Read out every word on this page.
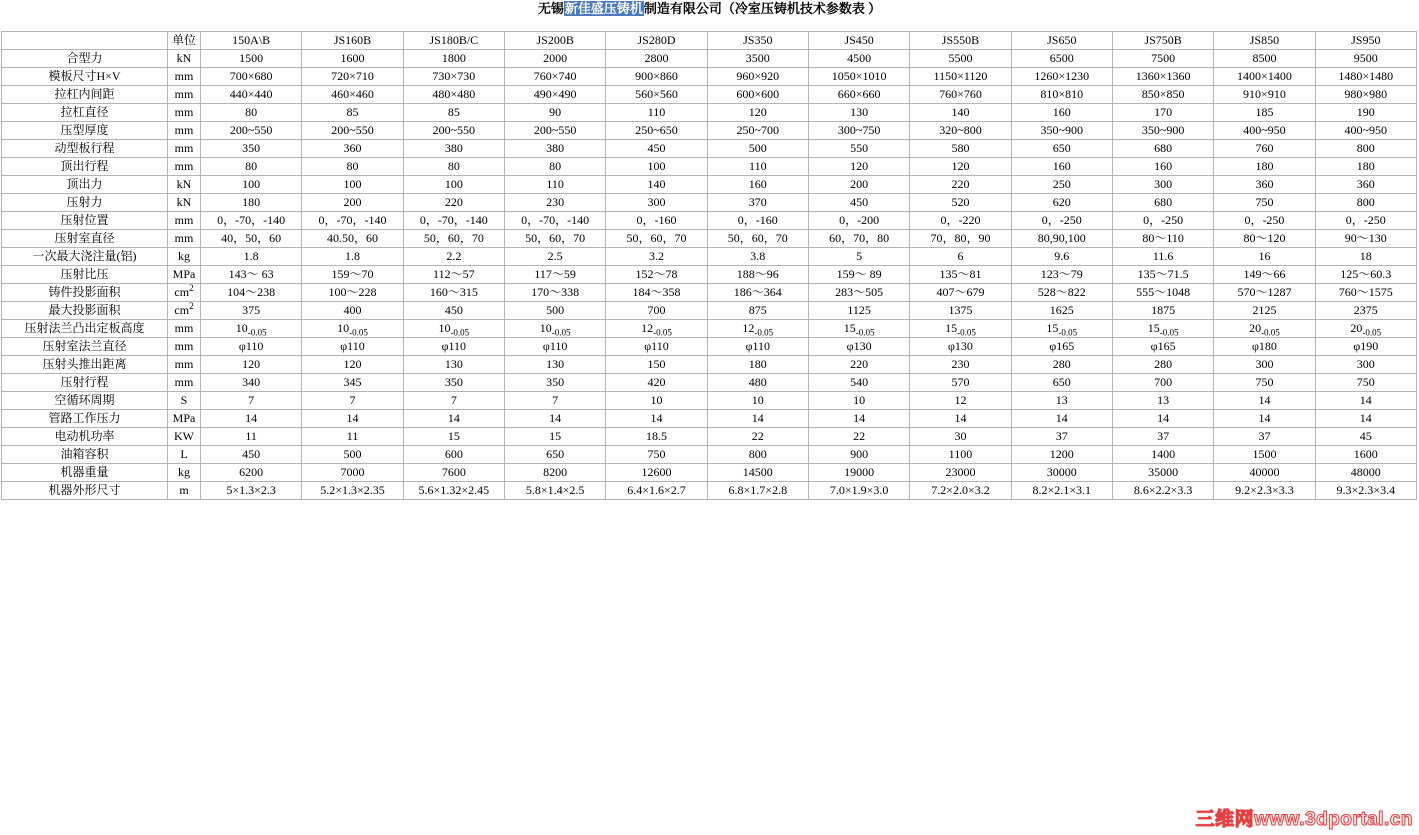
无锡新佳盛压铸机制造有限公司（冷室压铸机技术参数表 ）
	单位	150A\B	JS160B	JS180B/C	JS200B	JS280D	JS350	JS450	JS550B	JS650	JS750B	JS850	JS950
合型力	kN	1500	1600	1800	2000	2800	3500	4500	5500	6500	7500	8500	9500
模板尺寸H×V	mm	700×680	720×710	730×730	760×740	900×860	960×920	1050×1010	1150×1120	1260×1230	1360×1360	1400×1400	1480×1480
拉杠内间距	mm	440×440	460×460	480×480	490×490	560×560	600×600	660×660	760×760	810×810	850×850	910×910	980×980
拉杠直径	mm	80	85	85	90	110	120	130	140	160	170	185	190
压型厚度	mm	200~550	200~550	200~550	200~550	250~650	250~700	300~750	320~800	350~900	350~900	400~950	400~950
动型板行程	mm	350	360	380	380	450	500	550	580	650	680	760	800
顶出行程	mm	80	80	80	80	100	110	120	120	160	160	180	180
顶出力	kN	100	100	100	110	140	160	200	220	250	300	360	360
压射力	kN	180	200	220	230	300	370	450	520	620	680	750	800
压射位置	mm	0，-70，-140	0，-70，-140	0，-70，-140	0，-70，-140	0，-160	0，-160	0，-200	0，-220	0，-250	0，-250	0，-250	0，-250
压射室直径	mm	40，50，60	40.50，60	50，60，70	50，60，70	50，60，70	50，60，70	60，70，80	70，80，90	80,90,100	80～110	80～120	90～130
一次最大浇注量(铝)	kg	1.8	1.8	2.2	2.5	3.2	3.8	5	6	9.6	11.6	16	18
压射比压	MPa	143～ 63	159～70	112～57	117～59	152～78	188～96	159～ 89	135～81	123～79	135～71.5	149～66	125～60.3
铸件投影面积	$cm^2$	104～238	100～228	160～315	170～338	184～358	186～364	283～505	407～679	528～822	555～1048	570～1287	760～1575
最大投影面积	$cm^2$	375	400	450	500	700	875	1125	1375	1625	1875	2125	2375
压射法兰凸出定板高度	mm	$10_{-0.05}$	$10_{-0.05}$	$10_{-0.05}$	$10_{-0.05}$	$12_{-0.05}$	$12_{-0.05}$	$15_{-0.05}$	$15_{-0.05}$	$15_{-0.05}$	$15_{-0.05}$	$20_{-0.05}$	$20_{-0.05}$
压射室法兰直径	mm	φ110	φ110	φ110	φ110	φ110	φ110	φ130	φ130	φ165	φ165	φ180	φ190
压射头推出距离	mm	120	120	130	130	150	180	220	230	280	280	300	300
压射行程	mm	340	345	350	350	420	480	540	570	650	700	750	750
空循环周期	S	7	7	7	7	10	10	10	12	13	13	14	14
管路工作压力	MPa	14	14	14	14	14	14	14	14	14	14	14	14
电动机功率	KW	11	11	15	15	18.5	22	22	30	37	37	37	45
油箱容积	L	450	500	600	650	750	800	900	1100	1200	1400	1500	1600
机器重量	kg	6200	7000	7600	8200	12600	14500	19000	23000	30000	35000	40000	48000
机器外形尺寸	m	5×1.3×2.3	5.2×1.3×2.35	5.6×1.32×2.45	5.8×1.4×2.5	6.4×1.6×2.7	6.8×1.7×2.8	7.0×1.9×3.0	7.2×2.0×3.2	8.2×2.1×3.1	8.6×2.2×3.3	9.2×2.3×3.3	9.3×2.3×3.4
三维网www.3dportal.cn
